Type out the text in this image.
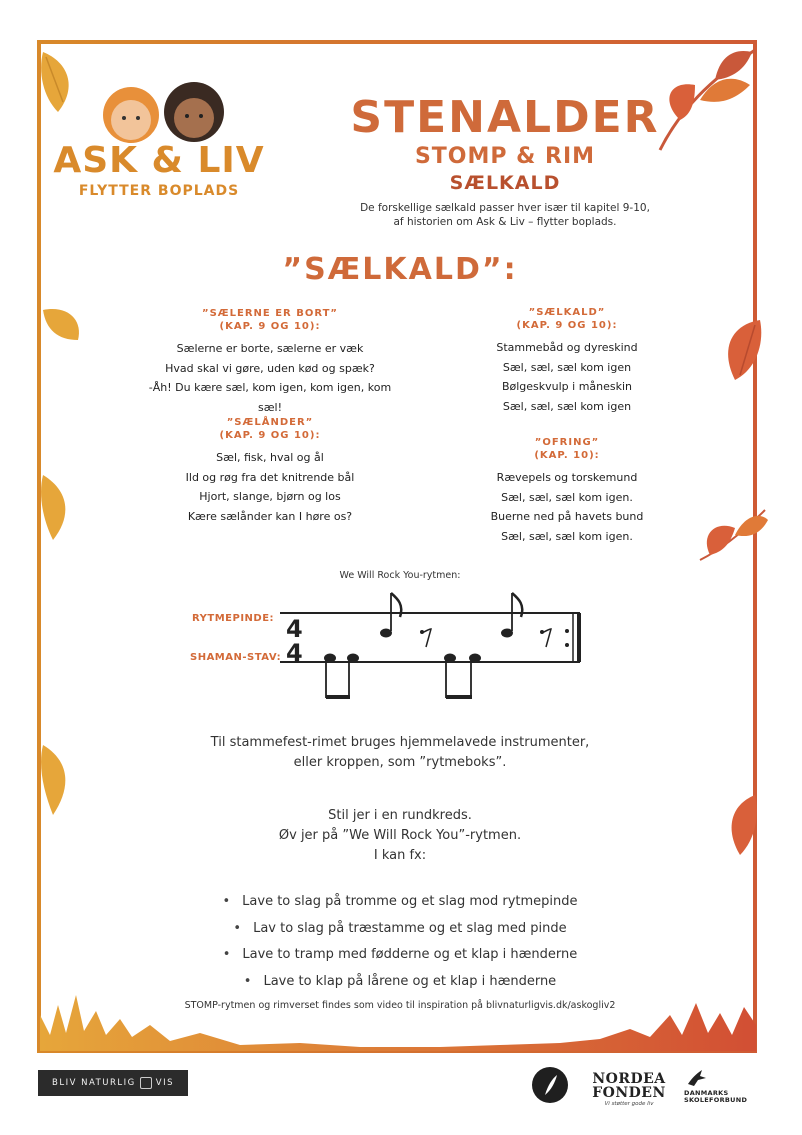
ASK & LIV
FLYTTER BOPLADS
STENALDER
STOMP & RIM
SÆLKALD
De forskellige sælkald passer hver især til kapitel 9-10,
af historien om Ask & Liv – flytter boplads.
”SÆLKALD”:
”SÆLERNE ER BORT”
(KAP. 9 OG 10):
Sælerne er borte, sælerne er væk
Hvad skal vi gøre, uden kød og spæk?
-Åh! Du kære sæl, kom igen, kom igen, kom sæl!
”SÆLÅNDER”
(KAP. 9 OG 10):
Sæl, fisk, hval og ål
Ild og røg fra det knitrende bål
Hjort, slange, bjørn og los
Kære sælånder kan I høre os?
”SÆLKALD”
(KAP. 9 OG 10):
Stammebåd og dyreskind
Sæl, sæl, sæl kom igen
Bølgeskvulp i måneskin
Sæl, sæl, sæl kom igen
”OFRING”
(KAP. 10):
Rævepels og torskemund
Sæl, sæl, sæl kom igen.
Buerne ned på havets bund
Sæl, sæl, sæl kom igen.
We Will Rock You-rytmen:
RYTMEPINDE:
SHAMAN-STAV:
4
4
Til stammefest-rimet bruges hjemmelavede instrumenter,
eller kroppen, som ”rytmeboks”.
Stil jer i en rundkreds.
Øv jer på ”We Will Rock You”-rytmen.
I kan fx:
• Lave to slag på tromme og et slag mod rytmepinde
• Lav to slag på træstamme og et slag med pinde
• Lave to tramp med fødderne og et klap i hænderne
• Lave to klap på lårene og et klap i hænderne
STOMP-rytmen og rimverset findes som video til inspiration på blivnaturligvis.dk/askogliv2
BLIV NATURLIG VIS	NORDEA
FONDEN
Vi støtter gode liv
DANMARKS
SKOLEFORBUND
